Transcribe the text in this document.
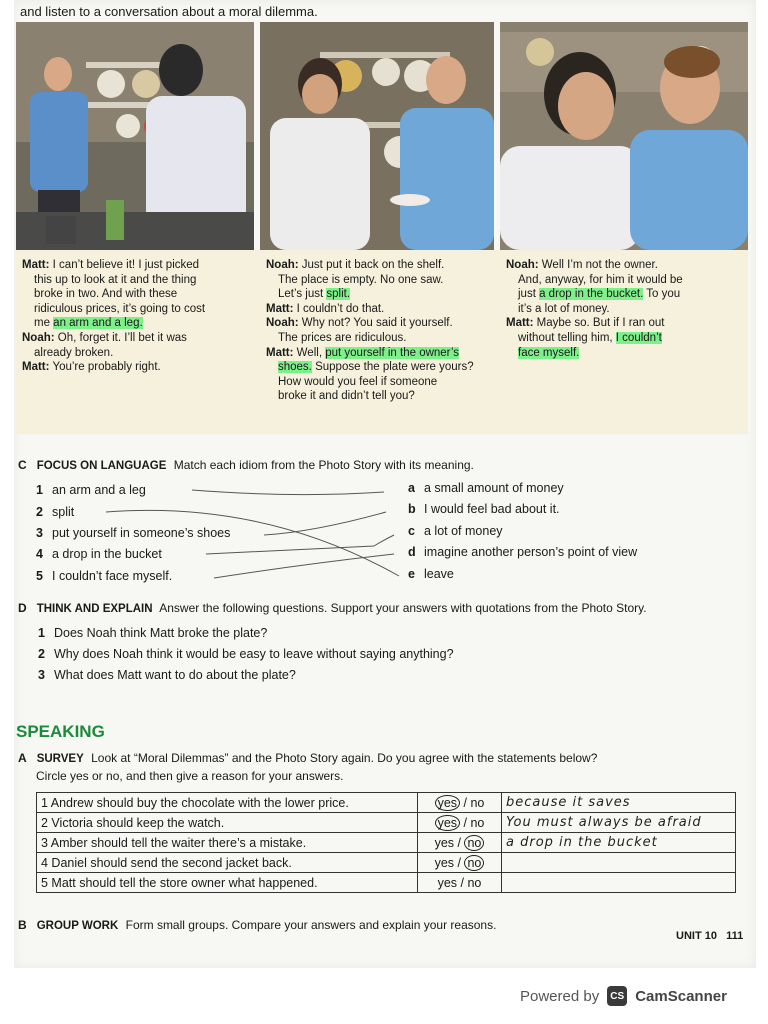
and listen to a conversation about a moral dilemma.
Matt: I can’t believe it! I just picked
this up to look at it and the thing
broke in two. And with these
ridiculous prices, it’s going to cost
me an arm and a leg.
Noah: Oh, forget it. I’ll bet it was
already broken.
Matt: You’re probably right.
Noah: Just put it back on the shelf.
The place is empty. No one saw.
Let’s just split.
Matt: I couldn’t do that.
Noah: Why not? You said it yourself.
The prices are ridiculous.
Matt: Well, put yourself in the owner’s
shoes. Suppose the plate were yours?
How would you feel if someone
broke it and didn’t tell you?
Noah: Well I’m not the owner.
And, anyway, for him it would be
just a drop in the bucket. To you
it’s a lot of money.
Matt: Maybe so. But if I ran out
without telling him, I couldn’t
face myself.
C FOCUS ON LANGUAGE Match each idiom from the Photo Story with its meaning.
1 an arm and a leg
2 split
3 put yourself in someone’s shoes
4 a drop in the bucket
5 I couldn’t face myself.
a a small amount of money
b I would feel bad about it.
c a lot of money
d imagine another person’s point of view
e leave
D THINK AND EXPLAIN Answer the following questions. Support your answers with quotations from the Photo Story.
1 Does Noah think Matt broke the plate?
2 Why does Noah think it would be easy to leave without saying anything?
3 What does Matt want to do about the plate?
SPEAKING
A SURVEY Look at “Moral Dilemmas” and the Photo Story again. Do you agree with the statements below?
Circle yes or no, and then give a reason for your answers.
1 Andrew should buy the chocolate with the lower price.	yes / no	because it saves
2 Victoria should keep the watch.	yes / no	You must always be afraid
3 Amber should tell the waiter there’s a mistake.	yes / no	a drop in the bucket
4 Daniel should send the second jacket back.	yes / no	
5 Matt should tell the store owner what happened.	yes / no	
B GROUP WORK Form small groups. Compare your answers and explain your reasons.
UNIT 10 111
Powered by	CS CamScanner
